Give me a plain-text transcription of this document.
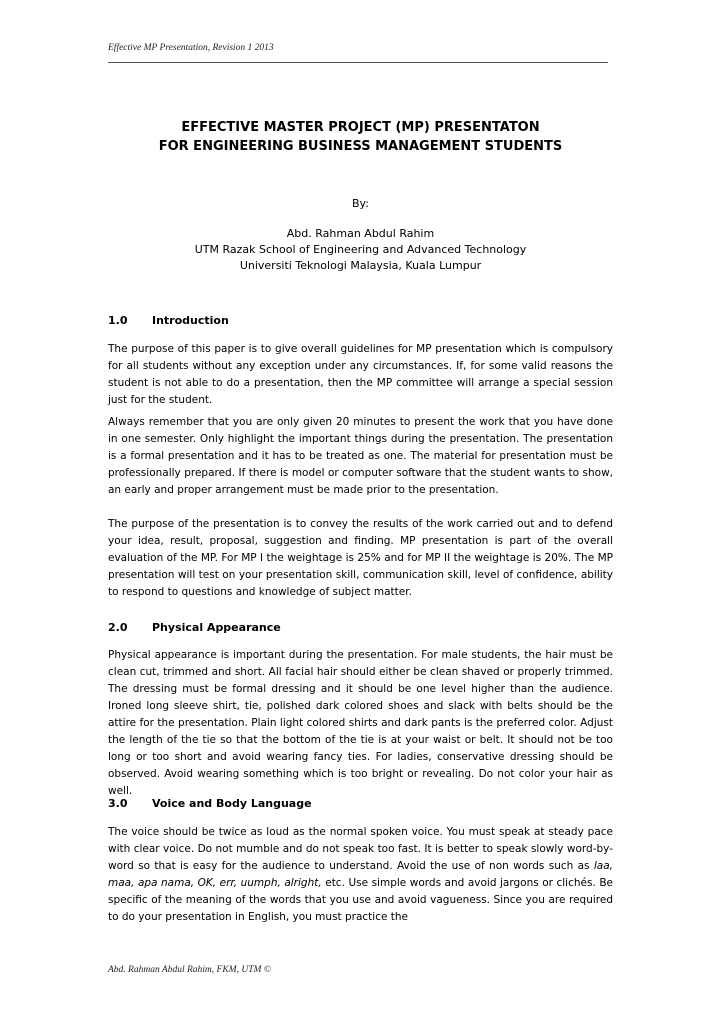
Effective MP Presentation, Revision 1 2013
EFFECTIVE MASTER PROJECT (MP) PRESENTATON
FOR ENGINEERING BUSINESS MANAGEMENT STUDENTS
By:
Abd. Rahman Abdul Rahim
UTM Razak School of Engineering and Advanced Technology
Universiti Teknologi Malaysia, Kuala Lumpur
1.0 Introduction

The purpose of this paper is to give overall guidelines for MP presentation which is compulsory for all students without any exception under any circumstances. If, for some valid reasons the student is not able to do a presentation, then the MP committee will arrange a special session just for the student.

Always remember that you are only given 20 minutes to present the work that you have done in one semester. Only highlight the important things during the presentation. The presentation is a formal presentation and it has to be treated as one. The material for presentation must be professionally prepared. If there is model or computer software that the student wants to show, an early and proper arrangement must be made prior to the presentation.

The purpose of the presentation is to convey the results of the work carried out and to defend your idea, result, proposal, suggestion and finding. MP presentation is part of the overall evaluation of the MP. For MP I the weightage is 25% and for MP II the weightage is 20%. The MP presentation will test on your presentation skill, communication skill, level of confidence, ability to respond to questions and knowledge of subject matter.

2.0 Physical Appearance

Physical appearance is important during the presentation. For male students, the hair must be clean cut, trimmed and short. All facial hair should either be clean shaved or properly trimmed. The dressing must be formal dressing and it should be one level higher than the audience. Ironed long sleeve shirt, tie, polished dark colored shoes and slack with belts should be the attire for the presentation. Plain light colored shirts and dark pants is the preferred color. Adjust the length of the tie so that the bottom of the tie is at your waist or belt. It should not be too long or too short and avoid wearing fancy ties. For ladies, conservative dressing should be observed. Avoid wearing something which is too bright or revealing. Do not color your hair as well.

3.0 Voice and Body Language

The voice should be twice as loud as the normal spoken voice. You must speak at steady pace with clear voice. Do not mumble and do not speak too fast. It is better to speak slowly word-by-word so that is easy for the audience to understand. Avoid the use of non words such as laa, maa, apa nama, OK, err, uumph, alright, etc. Use simple words and avoid jargons or clichés. Be specific of the meaning of the words that you use and avoid vagueness. Since you are required to do your presentation in English, you must practice the

Abd. Rahman Abdul Rahim, FKM, UTM ©
